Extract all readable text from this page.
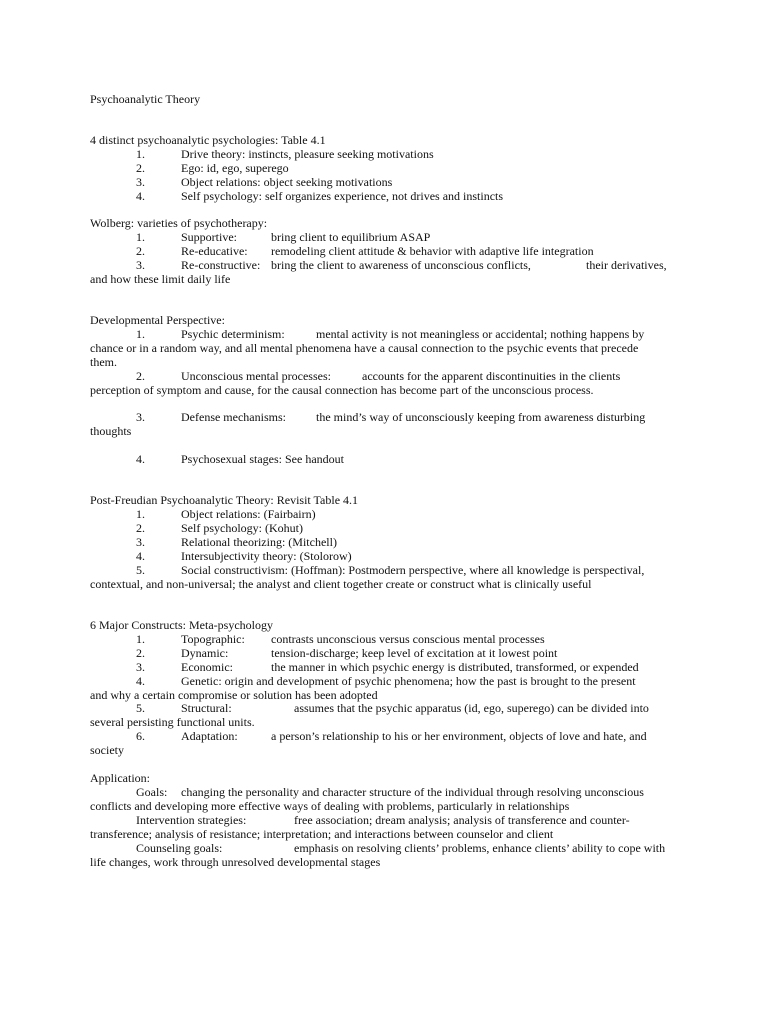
Psychoanalytic Theory
4 distinct psychoanalytic psychologies: Table 4.1
1.	Drive theory: instincts, pleasure seeking motivations
2.	Ego: id, ego, superego
3.	Object relations: object seeking motivations
4.	Self psychology: self organizes experience, not drives and instincts
Wolberg: varieties of psychotherapy:
1.	Supportive:	bring client to equilibrium ASAP
2.	Re-educative: remodeling client attitude & behavior with adaptive life integration
3.	Re-constructive: bring the client to awareness of unconscious conflicts,	their derivatives,
and how these limit daily life
Developmental Perspective:
1.	Psychic determinism:	mental activity is not meaningless or accidental; nothing happens by
chance or in a random way, and all mental phenomena have a causal connection to the psychic events that precede
them.
2.	Unconscious mental processes:	accounts for the apparent discontinuities in the clients
perception of symptom and cause, for the causal connection has become part of the unconscious process.
3.	Defense mechanisms:	the mind’s way of unconsciously keeping from awareness disturbing
thoughts
4.	Psychosexual stages: See handout
Post-Freudian Psychoanalytic Theory: Revisit Table 4.1
1.	Object relations: (Fairbairn)
2.	Self psychology: (Kohut)
3.	Relational theorizing: (Mitchell)
4.	Intersubjectivity theory: (Stolorow)
5.	Social constructivism: (Hoffman): Postmodern perspective, where all knowledge is perspectival,
contextual, and non-universal; the analyst and client together create or construct what is clinically useful
6 Major Constructs: Meta-psychology
1.	Topographic: contrasts unconscious versus conscious mental processes
2.	Dynamic:	tension-discharge; keep level of excitation at it lowest point
3.	Economic:	the manner in which psychic energy is distributed, transformed, or expended
4.	Genetic: origin and development of psychic phenomena; how the past is brought to the present
and why a certain compromise or solution has been adopted
5.	Structural:	assumes that the psychic apparatus (id, ego, superego) can be divided into
several persisting functional units.
6.	Adaptation:	a person’s relationship to his or her environment, objects of love and hate, and
society
Application:
Goals: changing the personality and character structure of the individual through resolving unconscious
conflicts and developing more effective ways of dealing with problems, particularly in relationships
Intervention strategies:	free association; dream analysis; analysis of transference and counter-
transference; analysis of resistance; interpretation; and interactions between counselor and client
Counseling goals:	emphasis on resolving clients’ problems, enhance clients’ ability to cope with
life changes, work through unresolved developmental stages
